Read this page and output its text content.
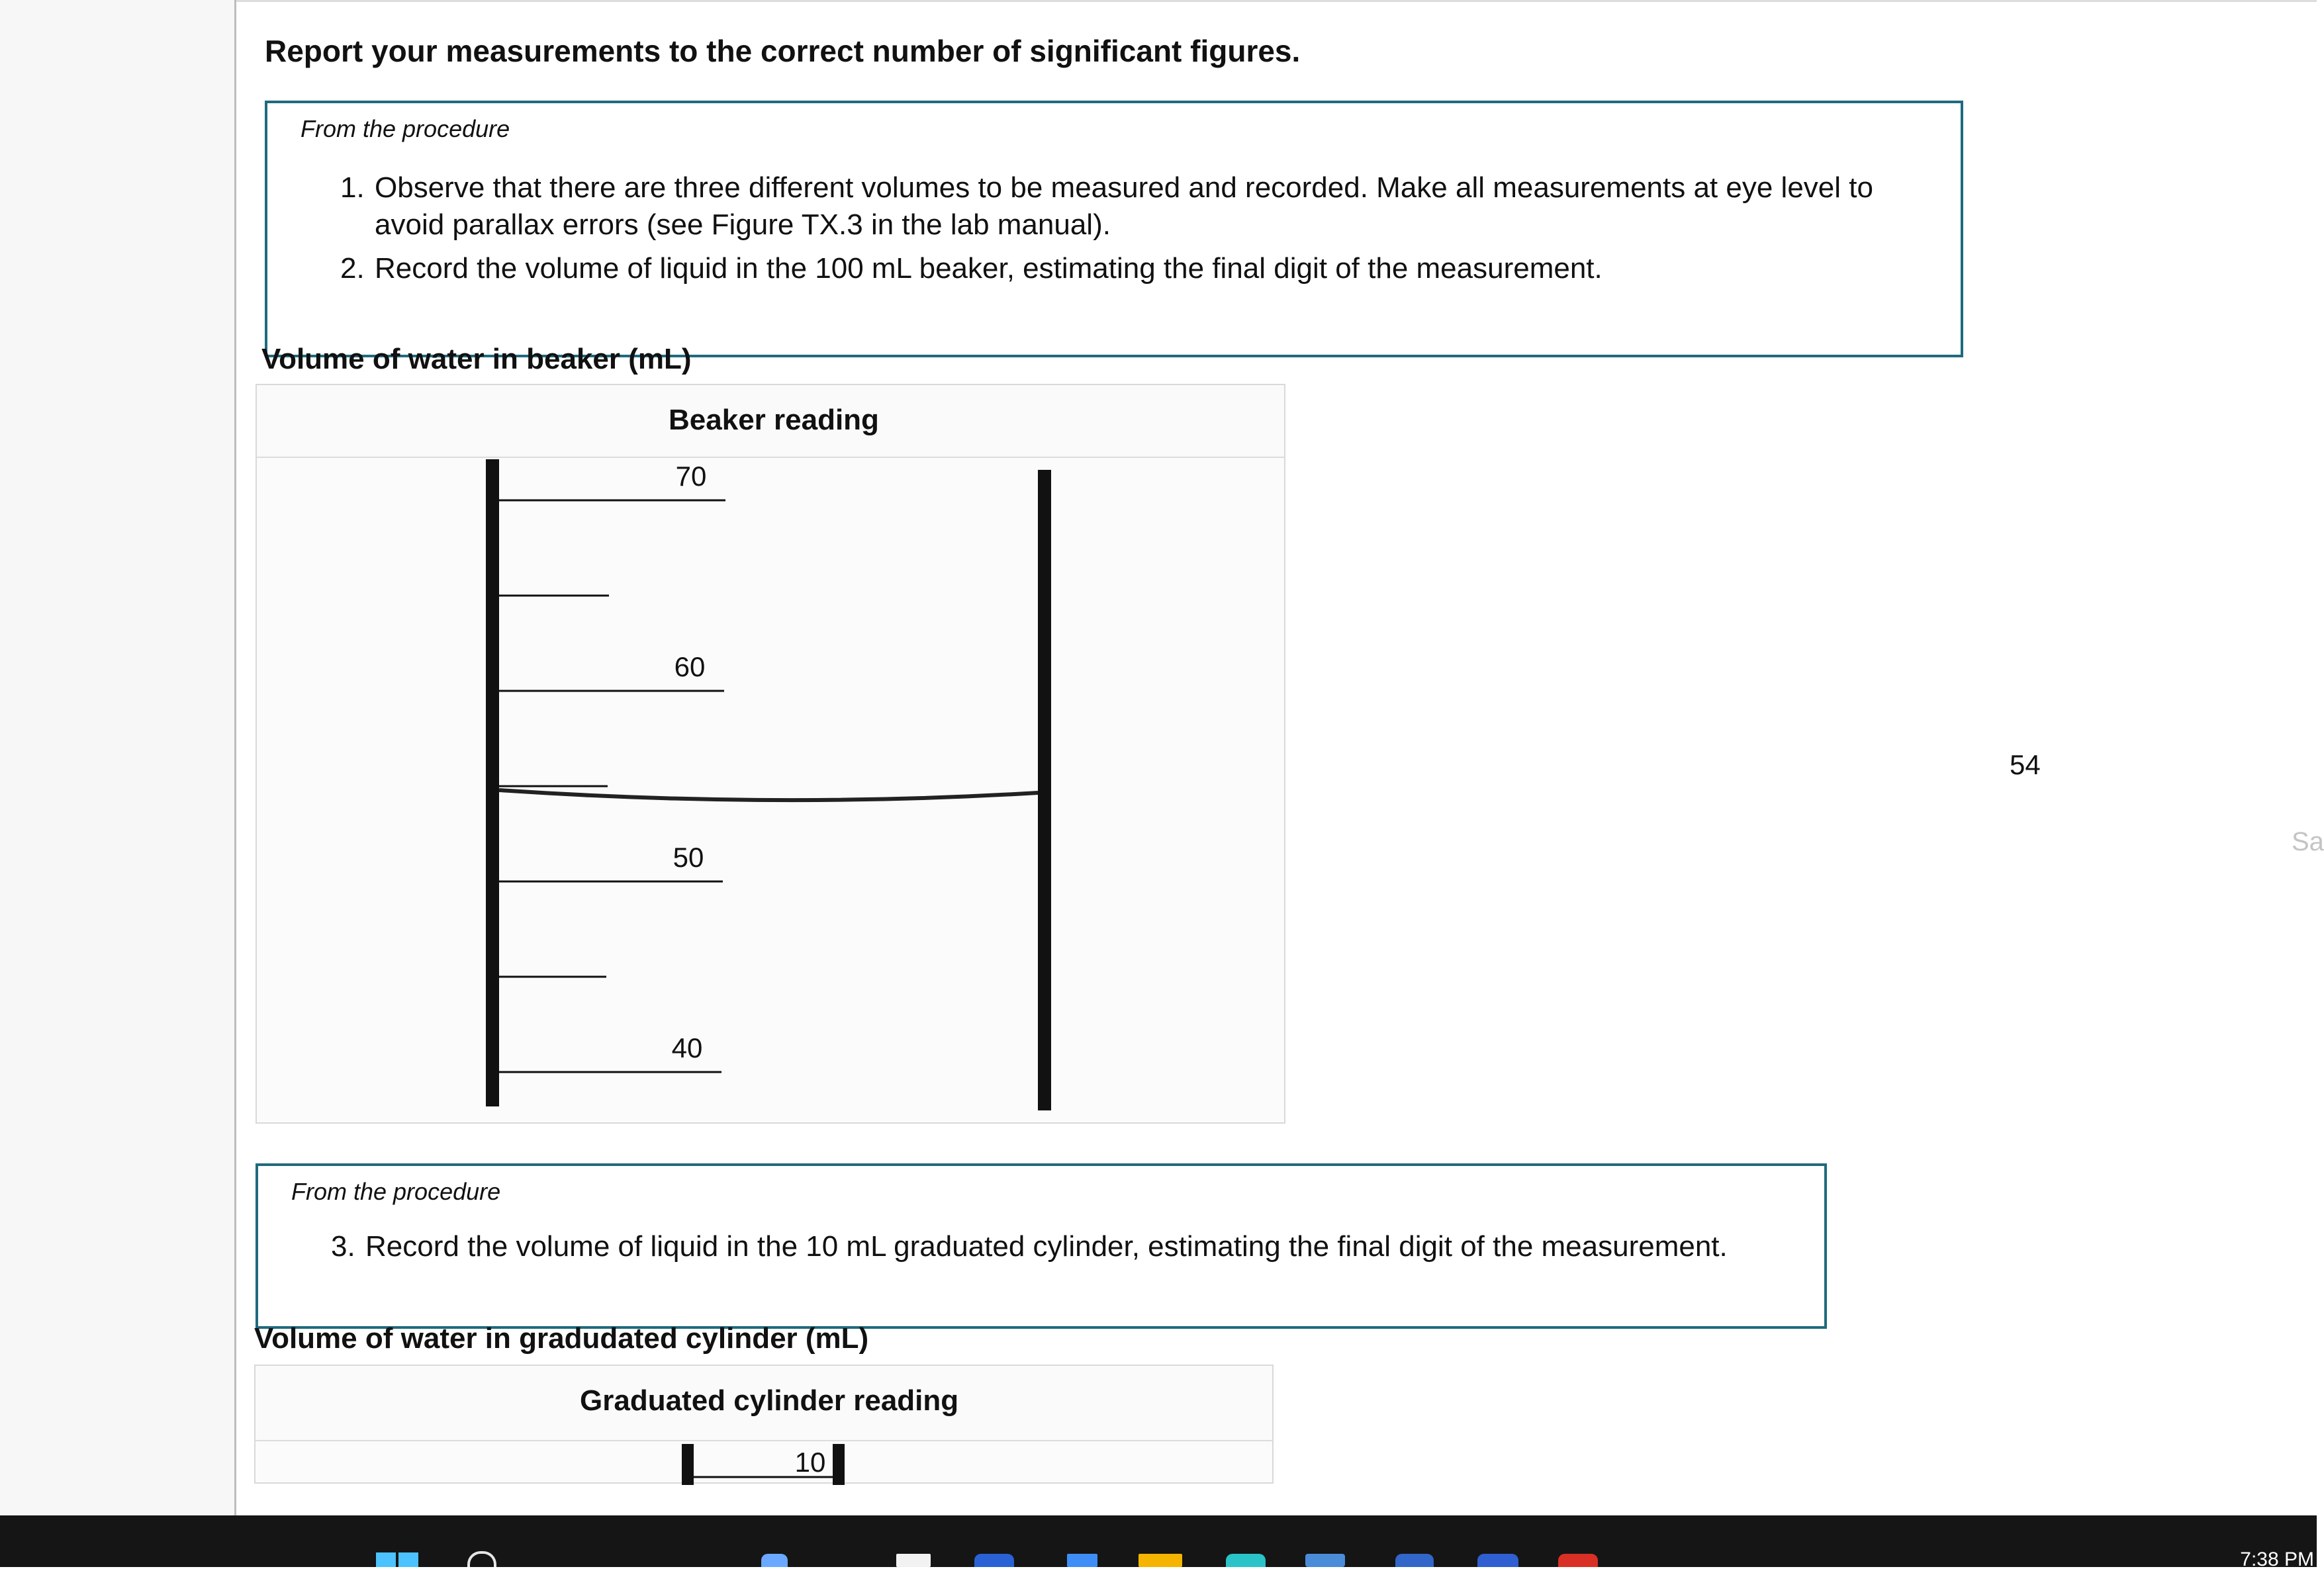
Report your measurements to the correct number of significant figures.
From the procedure
1. Observe that there are three different volumes to be measured and recorded. Make all measurements at eye level to avoid parallax errors (see Figure TX.3 in the lab manual).
2. Record the volume of liquid in the 100 mL beaker, estimating the final digit of the measurement.
Volume of water in beaker (mL)
Beaker reading
70
60
50
40
54
Sa
From the procedure
3. Record the volume of liquid in the 10 mL graduated cylinder, estimating the final digit of the measurement.
Volume of water in gradudated cylinder (mL)
Graduated cylinder reading
10
7:38 PM
